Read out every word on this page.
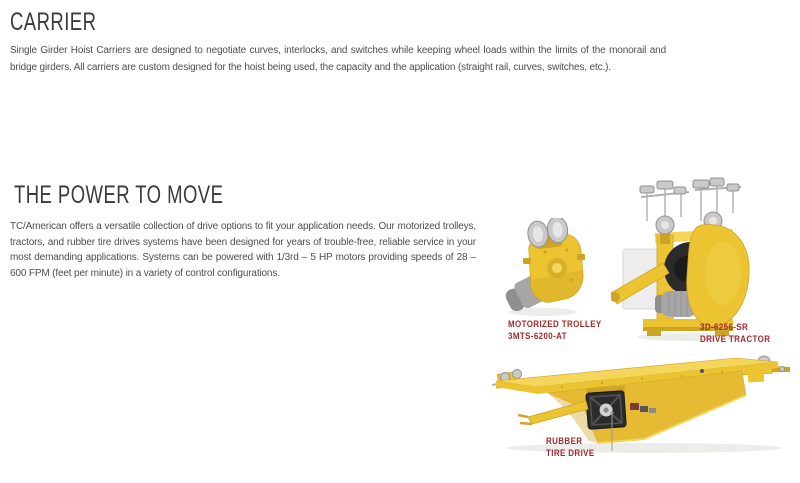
CARRIER

Single Girder Hoist Carriers are designed to negotiate curves, interlocks, and switches while keeping wheel loads within the limits of the monorail and bridge girders. All carriers are custom designed for the hoist being used, the capacity and the application (straight rail, curves, switches, etc.).

THE POWER TO MOVE

TC/American offers a versatile collection of drive options to fit your application needs. Our motorized trolleys, tractors, and rubber tire drives systems have been designed for years of trouble-free, reliable service in your most demanding applications. Systems can be powered with 1/3rd – 5 HP motors providing speeds of 28 – 600 FPM (feet per minute) in a variety of control configurations.

MOTORIZED TROLLEY
3MTS-6200-AT
3D-6256-SR
DRIVE TRACTOR
RUBBER
TIRE DRIVE
